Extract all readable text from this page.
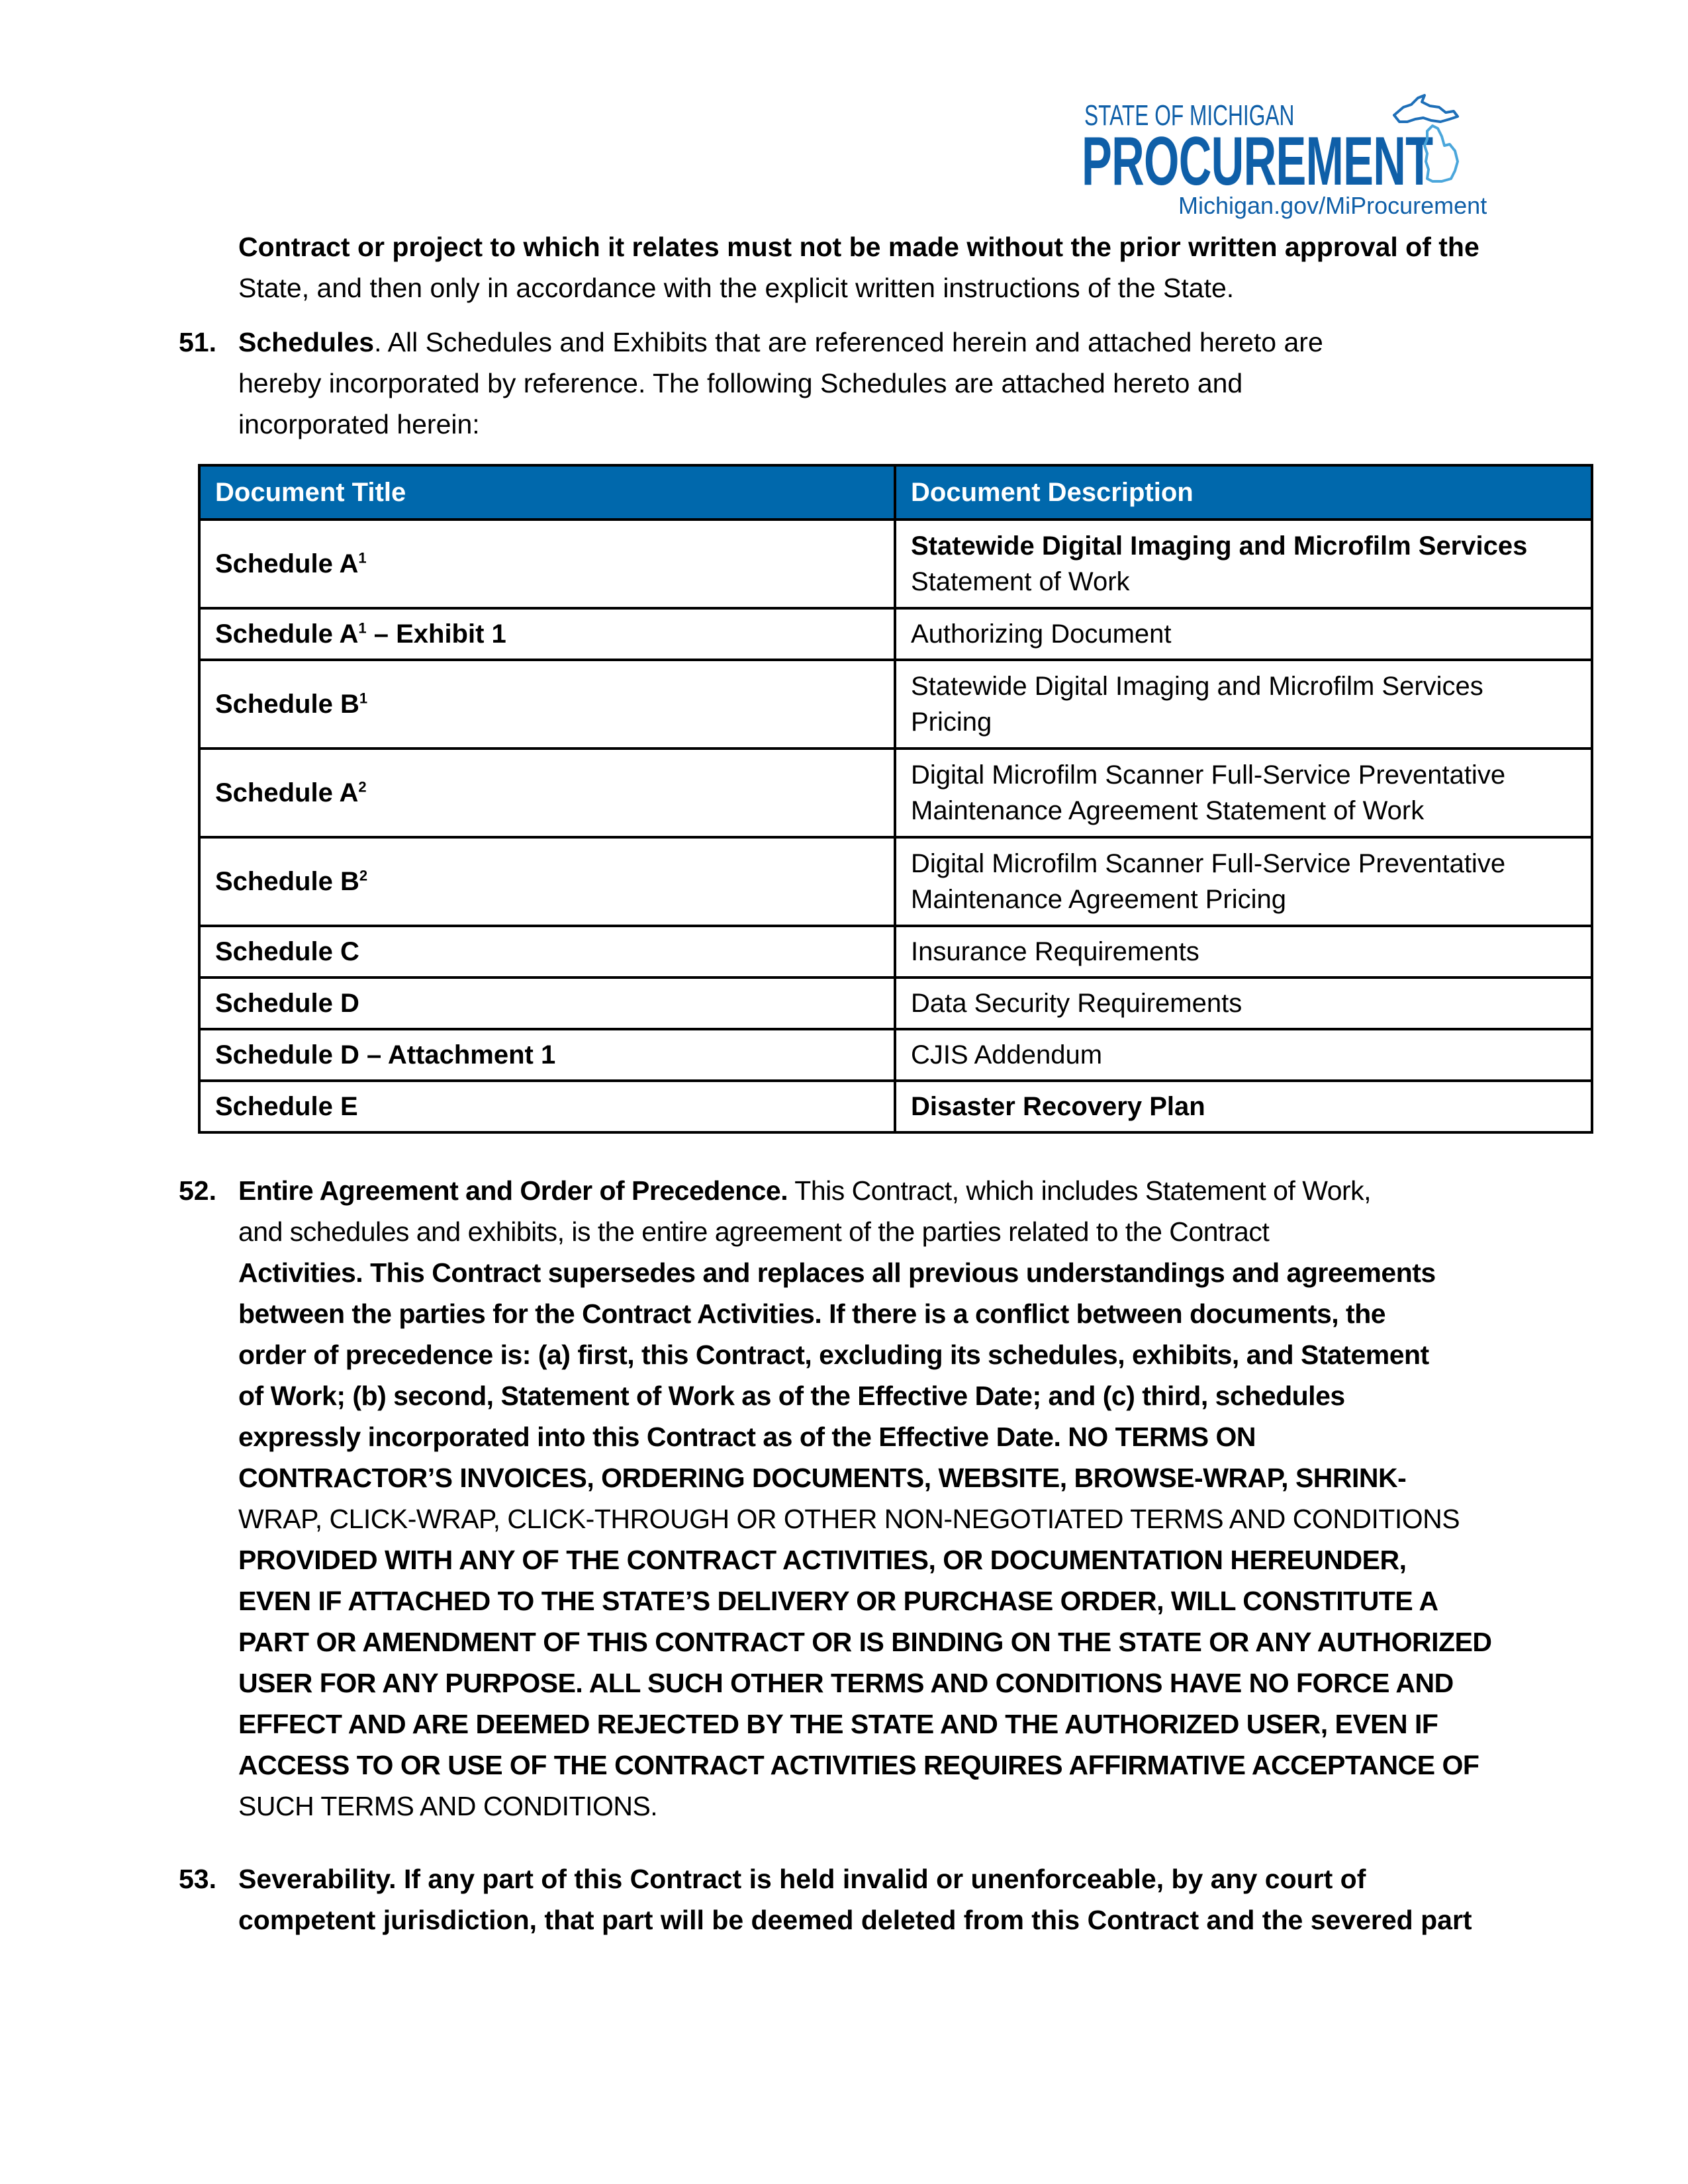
STATE OF MICHIGAN
PROCUREMENT
Michigan.gov/MiProcurement
Contract or project to which it relates must not be made without the prior written approval of the
State, and then only in accordance with the explicit written instructions of the State.
51. Schedules. All Schedules and Exhibits that are referenced herein and attached hereto are
hereby incorporated by reference. The following Schedules are attached hereto and
incorporated herein:
Document Title	Document Description
Schedule $A^1$	Statewide Digital Imaging and Microfilm Services
Statement of Work
Schedule $A^1$ – Exhibit 1	Authorizing Document
Schedule $B^1$	Statewide Digital Imaging and Microfilm Services
Pricing
Schedule $A^2$	Digital Microfilm Scanner Full-Service Preventative
Maintenance Agreement Statement of Work
Schedule $B^2$	Digital Microfilm Scanner Full-Service Preventative
Maintenance Agreement Pricing
Schedule C	Insurance Requirements
Schedule D	Data Security Requirements
Schedule D – Attachment 1	CJIS Addendum
Schedule E	Disaster Recovery Plan
52. Entire Agreement and Order of Precedence. This Contract, which includes Statement of Work,
and schedules and exhibits, is the entire agreement of the parties related to the Contract
Activities. This Contract supersedes and replaces all previous understandings and agreements
between the parties for the Contract Activities. If there is a conflict between documents, the
order of precedence is: (a) first, this Contract, excluding its schedules, exhibits, and Statement
of Work; (b) second, Statement of Work as of the Effective Date; and (c) third, schedules
expressly incorporated into this Contract as of the Effective Date. NO TERMS ON
CONTRACTOR’S INVOICES, ORDERING DOCUMENTS, WEBSITE, BROWSE-WRAP, SHRINK-
WRAP, CLICK-WRAP, CLICK-THROUGH OR OTHER NON-NEGOTIATED TERMS AND CONDITIONS
PROVIDED WITH ANY OF THE CONTRACT ACTIVITIES, OR DOCUMENTATION HEREUNDER,
EVEN IF ATTACHED TO THE STATE’S DELIVERY OR PURCHASE ORDER, WILL CONSTITUTE A
PART OR AMENDMENT OF THIS CONTRACT OR IS BINDING ON THE STATE OR ANY AUTHORIZED
USER FOR ANY PURPOSE. ALL SUCH OTHER TERMS AND CONDITIONS HAVE NO FORCE AND
EFFECT AND ARE DEEMED REJECTED BY THE STATE AND THE AUTHORIZED USER, EVEN IF
ACCESS TO OR USE OF THE CONTRACT ACTIVITIES REQUIRES AFFIRMATIVE ACCEPTANCE OF
SUCH TERMS AND CONDITIONS.
53. Severability. If any part of this Contract is held invalid or unenforceable, by any court of
competent jurisdiction, that part will be deemed deleted from this Contract and the severed part
